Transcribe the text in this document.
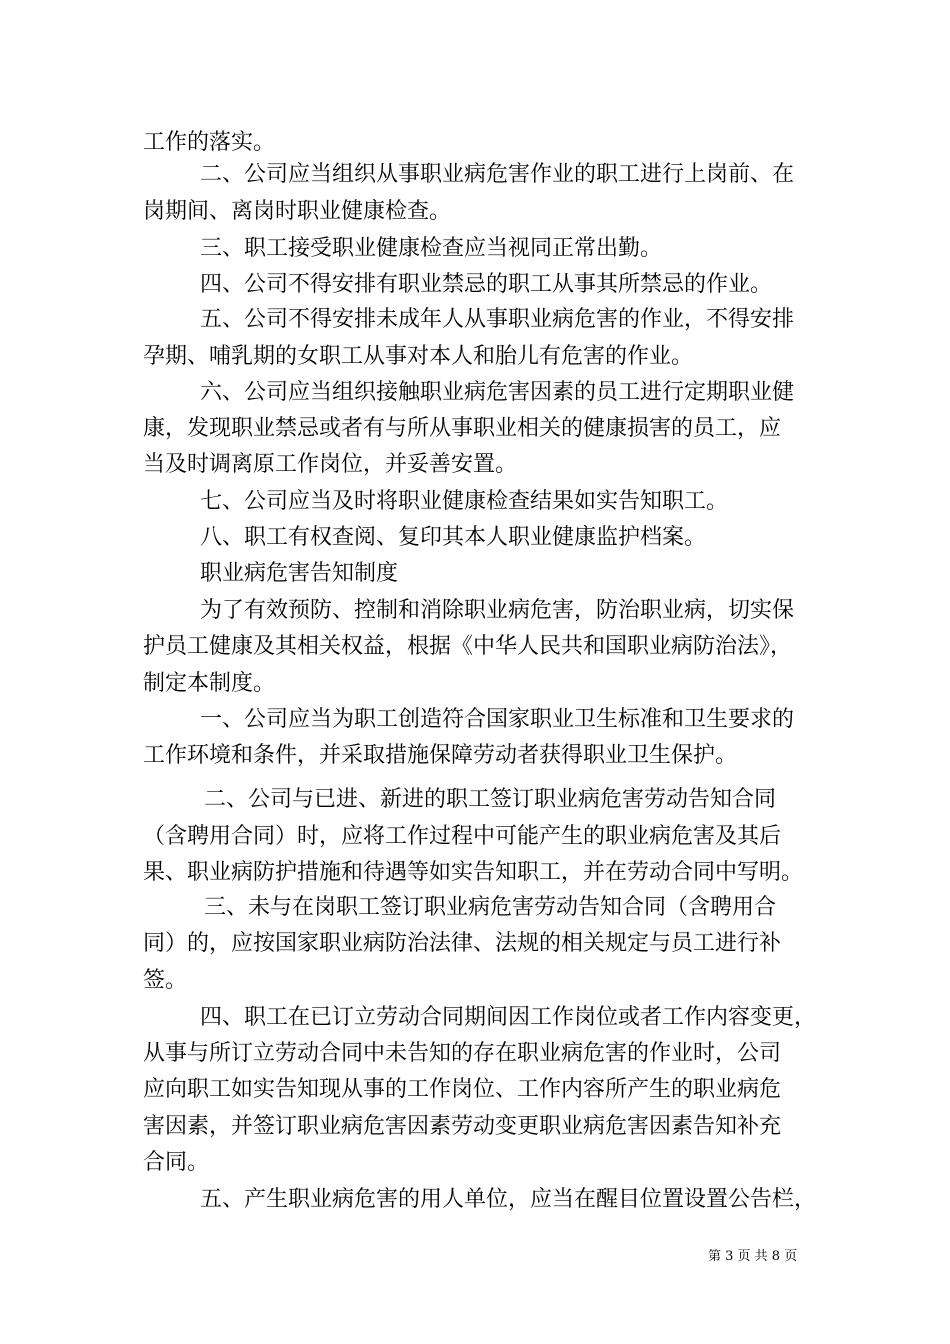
工作的落实。
二、公司应当组织从事职业病危害作业的职工进行上岗前、在
岗期间、离岗时职业健康检查。
三、职工接受职业健康检查应当视同正常出勤。
四、公司不得安排有职业禁忌的职工从事其所禁忌的作业。
五、公司不得安排未成年人从事职业病危害的作业，不得安排
孕期、哺乳期的女职工从事对本人和胎儿有危害的作业。
六、公司应当组织接触职业病危害因素的员工进行定期职业健
康，发现职业禁忌或者有与所从事职业相关的健康损害的员工，应
当及时调离原工作岗位，并妥善安置。
七、公司应当及时将职业健康检查结果如实告知职工。
八、职工有权查阅、复印其本人职业健康监护档案。
职业病危害告知制度
为了有效预防、控制和消除职业病危害，防治职业病，切实保
护员工健康及其相关权益，根据《中华人民共和国职业病防治法》，
制定本制度。
一、公司应当为职工创造符合国家职业卫生标准和卫生要求的
工作环境和条件，并采取措施保障劳动者获得职业卫生保护。
二、公司与已进、新进的职工签订职业病危害劳动告知合同
（含聘用合同）时，应将工作过程中可能产生的职业病危害及其后
果、职业病防护措施和待遇等如实告知职工，并在劳动合同中写明。
三、未与在岗职工签订职业病危害劳动告知合同（含聘用合
同）的，应按国家职业病防治法律、法规的相关规定与员工进行补
签。
四、职工在已订立劳动合同期间因工作岗位或者工作内容变更，
从事与所订立劳动合同中未告知的存在职业病危害的作业时，公司
应向职工如实告知现从事的工作岗位、工作内容所产生的职业病危
害因素，并签订职业病危害因素劳动变更职业病危害因素告知补充
合同。
五、产生职业病危害的用人单位，应当在醒目位置设置公告栏，
第 3 页 共 8 页
